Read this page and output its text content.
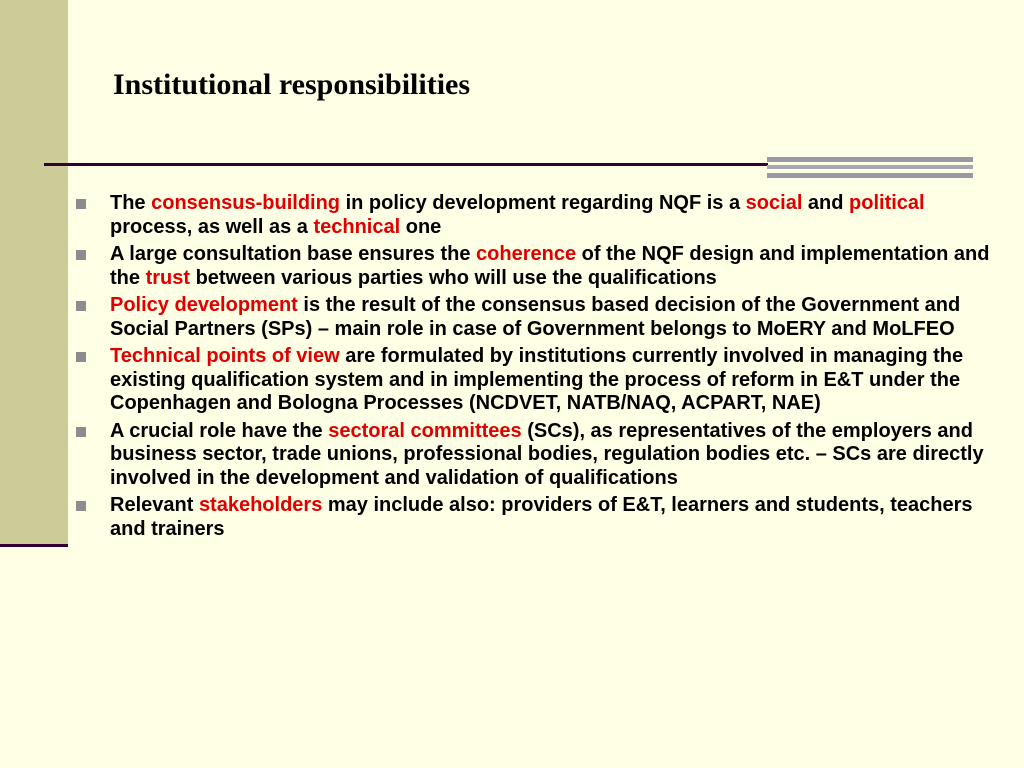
Institutional responsibilities
The consensus-building in policy development regarding NQF is a social and political process, as well as a technical one
A large consultation base ensures the coherence of the NQF design and implementation and the trust between various parties who will use the qualifications
Policy development is the result of the consensus based decision of the Government and Social Partners (SPs) – main role in case of Government belongs to MoERY and MoLFEO
Technical points of view are formulated by institutions currently involved in managing the existing qualification system and in implementing the process of reform in E&T under the Copenhagen and Bologna Processes (NCDVET, NATB/NAQ, ACPART, NAE)
A crucial role have the sectoral committees (SCs), as representatives of the employers and business sector, trade unions, professional bodies, regulation bodies etc. – SCs are directly involved in the development and validation of qualifications
Relevant stakeholders may include also: providers of E&T, learners and students, teachers and trainers
